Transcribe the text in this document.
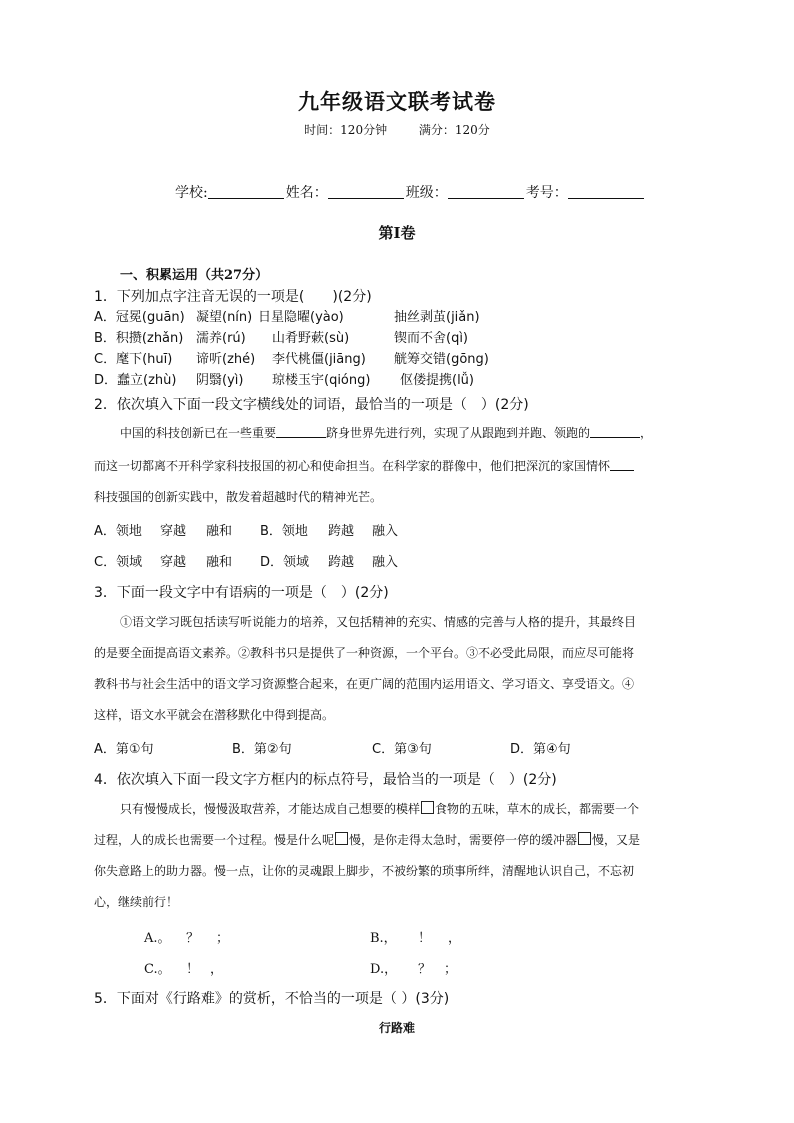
九年级语文联考试卷
时间：120分钟	满分：120分
学校:	姓名：	班级：	考号：
第Ⅰ卷
一、积累运用（共27分）
1．下列加点字注音无误的一项是(　　)(2分)
A．冠冕(guān) 凝望(nín) 日星隐曜(yào)	抽丝剥茧(jiǎn)
B．积攒(zhǎn) 濡养(rú) 山肴野蔌(sù)	锲而不舍(qì)
C．麾下(huī) 谛听(zhé) 李代桃僵(jiāng) 觥筹交错(gōng)
D．蠢立(zhù) 阴翳(yì) 琼楼玉宇(qióng) 伛偻提携(lǚ)
2．依次填入下面一段文字横线处的词语，最恰当的一项是（　）(2分)
中国的科技创新已在一些重要	跻身世界先进行列，实现了从跟跑到并跑、领跑的	，
而这一切都离不开科学家科技报国的初心和使命担当。在科学家的群像中，他们把深沉的家国情怀
科技强国的创新实践中，散发着超越时代的精神光芒。
A．领地 穿越 融和 B．领地 跨越 融入
C．领域 穿越 融和 D．领域 跨越 融入
3．下面一段文字中有语病的一项是（　）(2分)
①语文学习既包括读写听说能力的培养，又包括精神的充实、情感的完善与人格的提升，其最终目
的是要全面提高语文素养。②教科书只是提供了一种资源，一个平台。③不必受此局限，而应尽可能将
教科书与社会生活中的语文学习资源整合起来，在更广阔的范围内运用语文、学习语文、享受语文。④
这样，语文水平就会在潜移默化中得到提高。
A．第①句	B．第②句	C．第③句	D．第④句
4．依次填入下面一段文字方框内的标点符号，最恰当的一项是（　）(2分)
只有慢慢成长，慢慢汲取营养，才能达成自己想要的模样 食物的五味，草木的成长，都需要一个
过程，人的成长也需要一个过程。慢是什么呢 慢，是你走得太急时，需要停一停的缓冲器 慢，又是
你失意路上的助力器。慢一点，让你的灵魂跟上脚步，不被纷繁的琐事所绊，清醒地认识自己，不忘初
心，继续前行！
A.。 ？ ；	B.， ！ ，
C.。 ！ ，	D.， ？ ；
5．下面对《行路难》的赏析，不恰当的一项是（ ）(3分)
行路难
